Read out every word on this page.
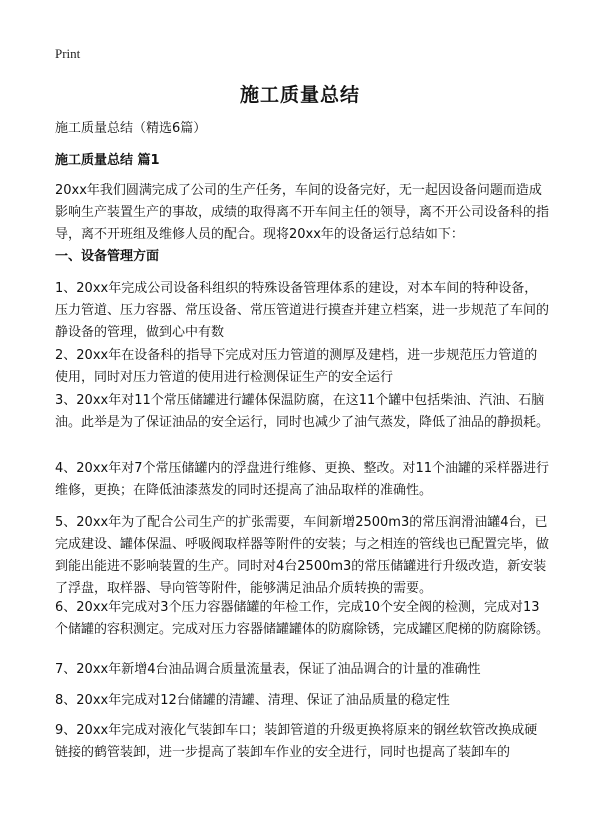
Print
施工质量总结
施工质量总结（精选6篇）
施工质量总结 篇1
20xx年我们圆满完成了公司的生产任务，车间的设备完好，无一起因设备问题而造成影响生产装置生产的事故，成绩的取得离不开车间主任的领导，离不开公司设备科的指导，离不开班组及维修人员的配合。现将20xx年的设备运行总结如下：
一、设备管理方面
1、20xx年完成公司设备科组织的特殊设备管理体系的建设，对本车间的特种设备，压力管道、压力容器、常压设备、常压管道进行摸查并建立档案，进一步规范了车间的静设备的管理，做到心中有数
2、20xx年在设备科的指导下完成对压力管道的测厚及建档，进一步规范压力管道的使用，同时对压力管道的使用进行检测保证生产的安全运行
3、20xx年对11个常压储罐进行罐体保温防腐，在这11个罐中包括柴油、汽油、石脑油。此举是为了保证油品的安全运行，同时也减少了油气蒸发，降低了油品的静损耗。
4、20xx年对7个常压储罐内的浮盘进行维修、更换、整改。对11个油罐的采样器进行维修，更换；在降低油漆蒸发的同时还提高了油品取样的准确性。
5、20xx年为了配合公司生产的扩张需要，车间新增2500m3的常压润滑油罐4台，已完成建设、罐体保温、呼吸阀取样器等附件的安装；与之相连的管线也已配置完毕，做到能出能进不影响装置的生产。同时对4台2500m3的常压储罐进行升级改造，新安装了浮盘，取样器、导向管等附件，能够满足油品介质转换的需要。
6、20xx年完成对3个压力容器储罐的年检工作，完成10个安全阀的检测，完成对13个储罐的容积测定。完成对压力容器储罐罐体的防腐除锈，完成罐区爬梯的防腐除锈。
7、20xx年新增4台油品调合质量流量表，保证了油品调合的计量的准确性
8、20xx年完成对12台储罐的清罐、清理、保证了油品质量的稳定性
9、20xx年完成对液化气装卸车口；装卸管道的升级更换将原来的钢丝软管改换成硬链接的鹤管装卸，进一步提高了装卸车作业的安全进行，同时也提高了装卸车的
